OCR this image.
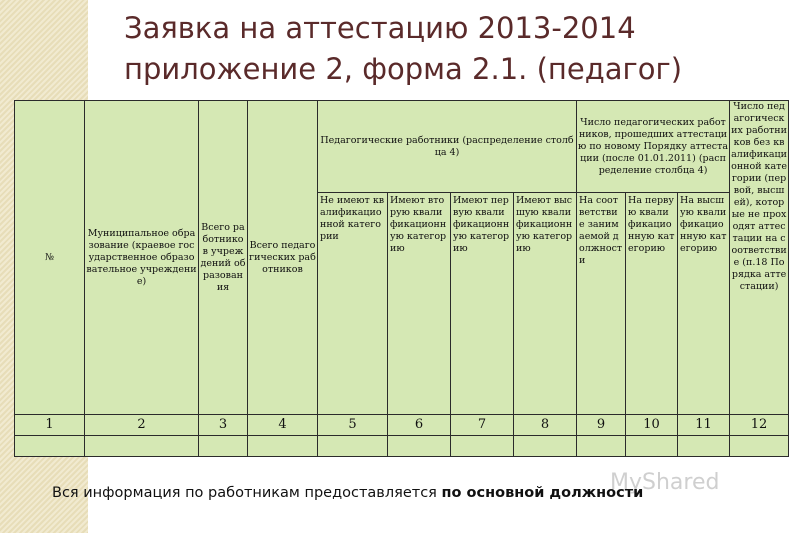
Заявка на аттестацию 2013-2014
приложение 2, форма 2.1. (педагог)
№	Муниципальное образование (краевое государственное образовательное учреждение)	Всего работников учреждений образования	Всего педагогических работников	Педагогические работники (распределение столбца 4)				Число педагогических работников, прошедших аттестацию по новому Порядку аттестации (после 01.01.2011) (распределение столбца 4)			Число педагогических работников без квалификационной категории (первой, высшей), которые не проходят аттестации на соответствие (п.18 Порядка аттестации)
				Не имеют квалификационной категории	Имеют вторую квалификационную категорию	Имеют первую квалификационную категорию	Имеют высшую квалификационную категорию	На соответствие занимаемой должности	На первую квалификационную категорию	На высшую квалификационную категорию	
1	2	3	4	5	6	7	8	9	10	11	12

MyShared
Вся информация по работникам предоставляется по основной должности
